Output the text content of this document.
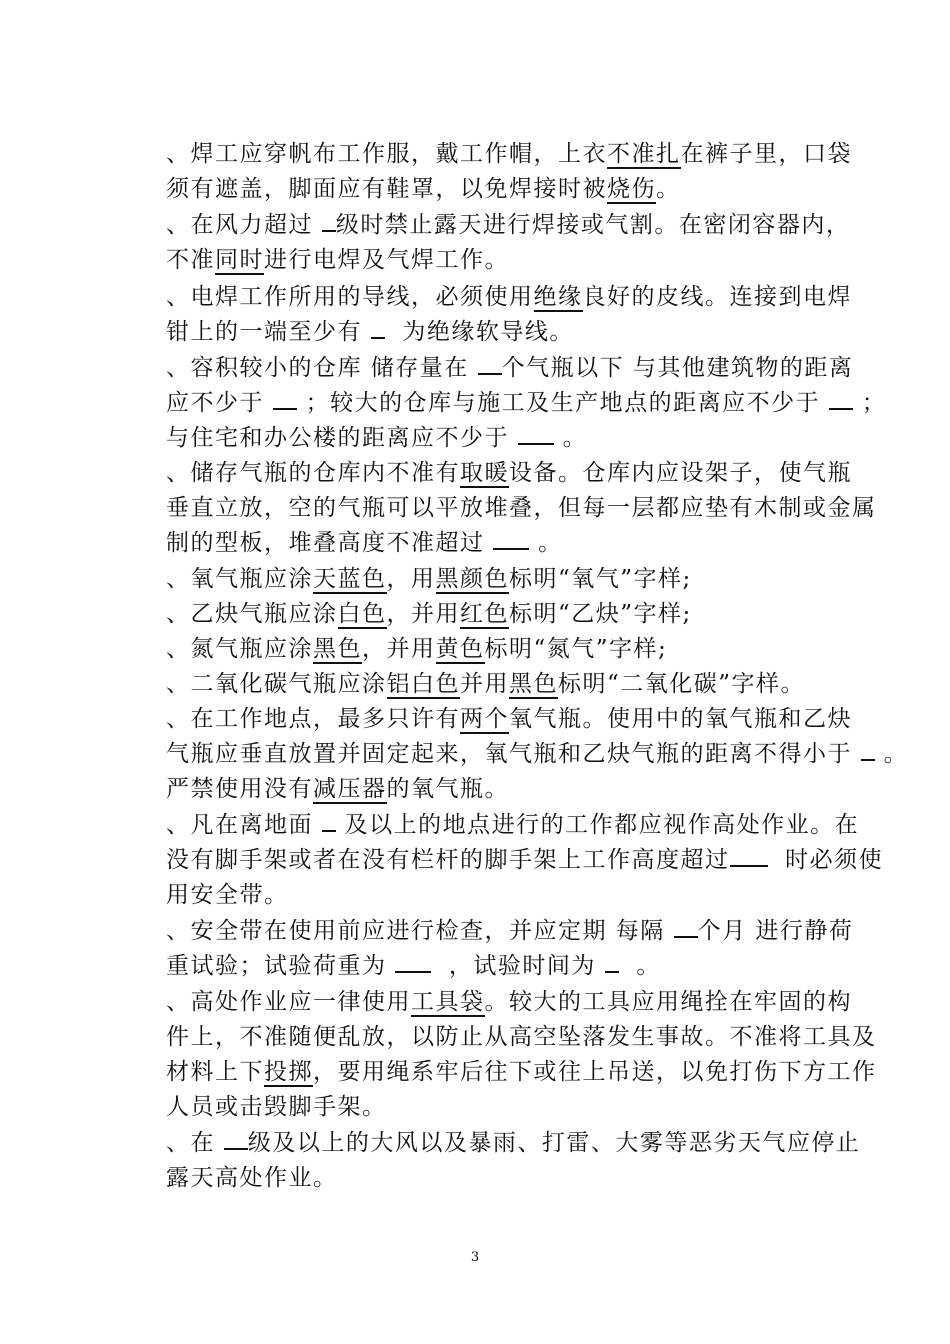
、焊工应穿帆布工作服，戴工作帽，上衣不准扎在裤子里，口袋
须有遮盖，脚面应有鞋罩，以免焊接时被烧伤。
、在风力超过 级时禁止露天进行焊接或气割。在密闭容器内，
不准同时进行电焊及气焊工作。
、电焊工作所用的导线，必须使用绝缘良好的皮线。连接到电焊
钳上的一端至少有   为绝缘软导线。
、容积较小的仓库 储存量在 个气瓶以下 与其他建筑物的距离
应不少于  ；较大的仓库与施工及生产地点的距离应不少于  ；
与住宅和办公楼的距离应不少于  。
、储存气瓶的仓库内不准有取暖设备。仓库内应设架子，使气瓶
垂直立放，空的气瓶可以平放堆叠，但每一层都应垫有木制或金属
制的型板，堆叠高度不准超过  。
、氧气瓶应涂天蓝色，用黑颜色标明“氧气”字样;
、乙炔气瓶应涂白色，并用红色标明“乙炔”字样;
、氮气瓶应涂黑色，并用黄色标明“氮气”字样;
、二氧化碳气瓶应涂铝白色并用黑色标明“二氧化碳”字样。
、在工作地点，最多只许有两个氧气瓶。使用中的氧气瓶和乙炔
气瓶应垂直放置并固定起来，氧气瓶和乙炔气瓶的距离不得小于  。
严禁使用没有减压器的氧气瓶。
、凡在离地面  及以上的地点进行的工作都应视作高处作业。在
没有脚手架或者在没有栏杆的脚手架上工作高度超过  时必须使
用安全带。
、安全带在使用前应进行检查，并应定期 每隔 个月 进行静荷
重试验；试验荷重为   ，试验时间为   。
、高处作业应一律使用工具袋。较大的工具应用绳拴在牢固的构
件上，不准随便乱放，以防止从高空坠落发生事故。不准将工具及
材料上下投掷，要用绳系牢后往下或往上吊送，以免打伤下方工作
人员或击毁脚手架。
、在 级及以上的大风以及暴雨、打雷、大雾等恶劣天气应停止
露天高处作业。
3
